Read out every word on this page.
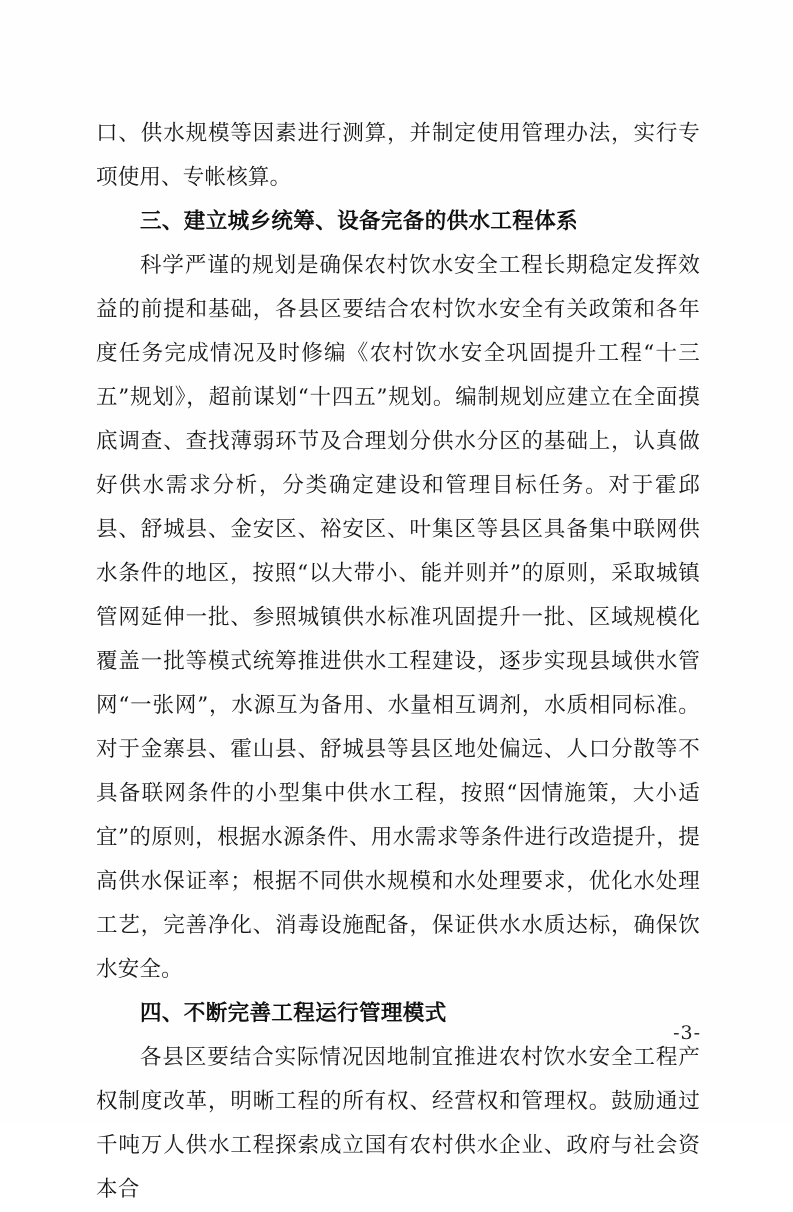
口、供水规模等因素进行测算，并制定使用管理办法，实行专项使用、专帐核算。

三、建立城乡统筹、设备完备的供水工程体系

科学严谨的规划是确保农村饮水安全工程长期稳定发挥效益的前提和基础，各县区要结合农村饮水安全有关政策和各年度任务完成情况及时修编《农村饮水安全巩固提升工程“十三五”规划》，超前谋划“十四五”规划。编制规划应建立在全面摸底调查、查找薄弱环节及合理划分供水分区的基础上，认真做好供水需求分析，分类确定建设和管理目标任务。对于霍邱县、舒城县、金安区、裕安区、叶集区等县区具备集中联网供水条件的地区，按照“以大带小、能并则并”的原则，采取城镇管网延伸一批、参照城镇供水标准巩固提升一批、区域规模化覆盖一批等模式统筹推进供水工程建设，逐步实现县域供水管网“一张网”，水源互为备用、水量相互调剂，水质相同标准。对于金寨县、霍山县、舒城县等县区地处偏远、人口分散等不具备联网条件的小型集中供水工程，按照“因情施策，大小适宜”的原则，根据水源条件、用水需求等条件进行改造提升，提高供水保证率；根据不同供水规模和水处理要求，优化水处理工艺，完善净化、消毒设施配备，保证供水水质达标，确保饮水安全。

四、不断完善工程运行管理模式

各县区要结合实际情况因地制宜推进农村饮水安全工程产权制度改革，明晰工程的所有权、经营权和管理权。鼓励通过千吨万人供水工程探索成立国有农村供水企业、政府与社会资本合

-3-
